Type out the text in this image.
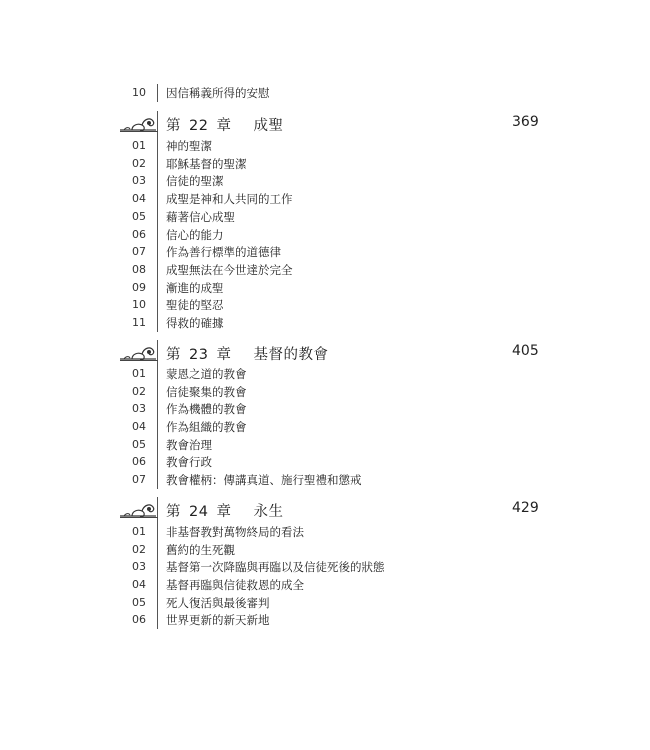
10 因信稱義所得的安慰
第 22 章 成聖	369
01 神的聖潔
02 耶穌基督的聖潔
03 信徒的聖潔
04 成聖是神和人共同的工作
05 藉著信心成聖
06 信心的能力
07 作為善行標準的道德律
08 成聖無法在今世達於完全
09 漸進的成聖
10 聖徒的堅忍
11 得救的確據
第 23 章 基督的教會	405
01 蒙恩之道的教會
02 信徒聚集的教會
03 作為機體的教會
04 作為組織的教會
05 教會治理
06 教會行政
07 教會權柄：傳講真道、施行聖禮和懲戒
第 24 章 永生	429
01 非基督教對萬物終局的看法
02 舊約的生死觀
03 基督第一次降臨與再臨以及信徒死後的狀態
04 基督再臨與信徒救恩的成全
05 死人復活與最後審判
06 世界更新的新天新地
